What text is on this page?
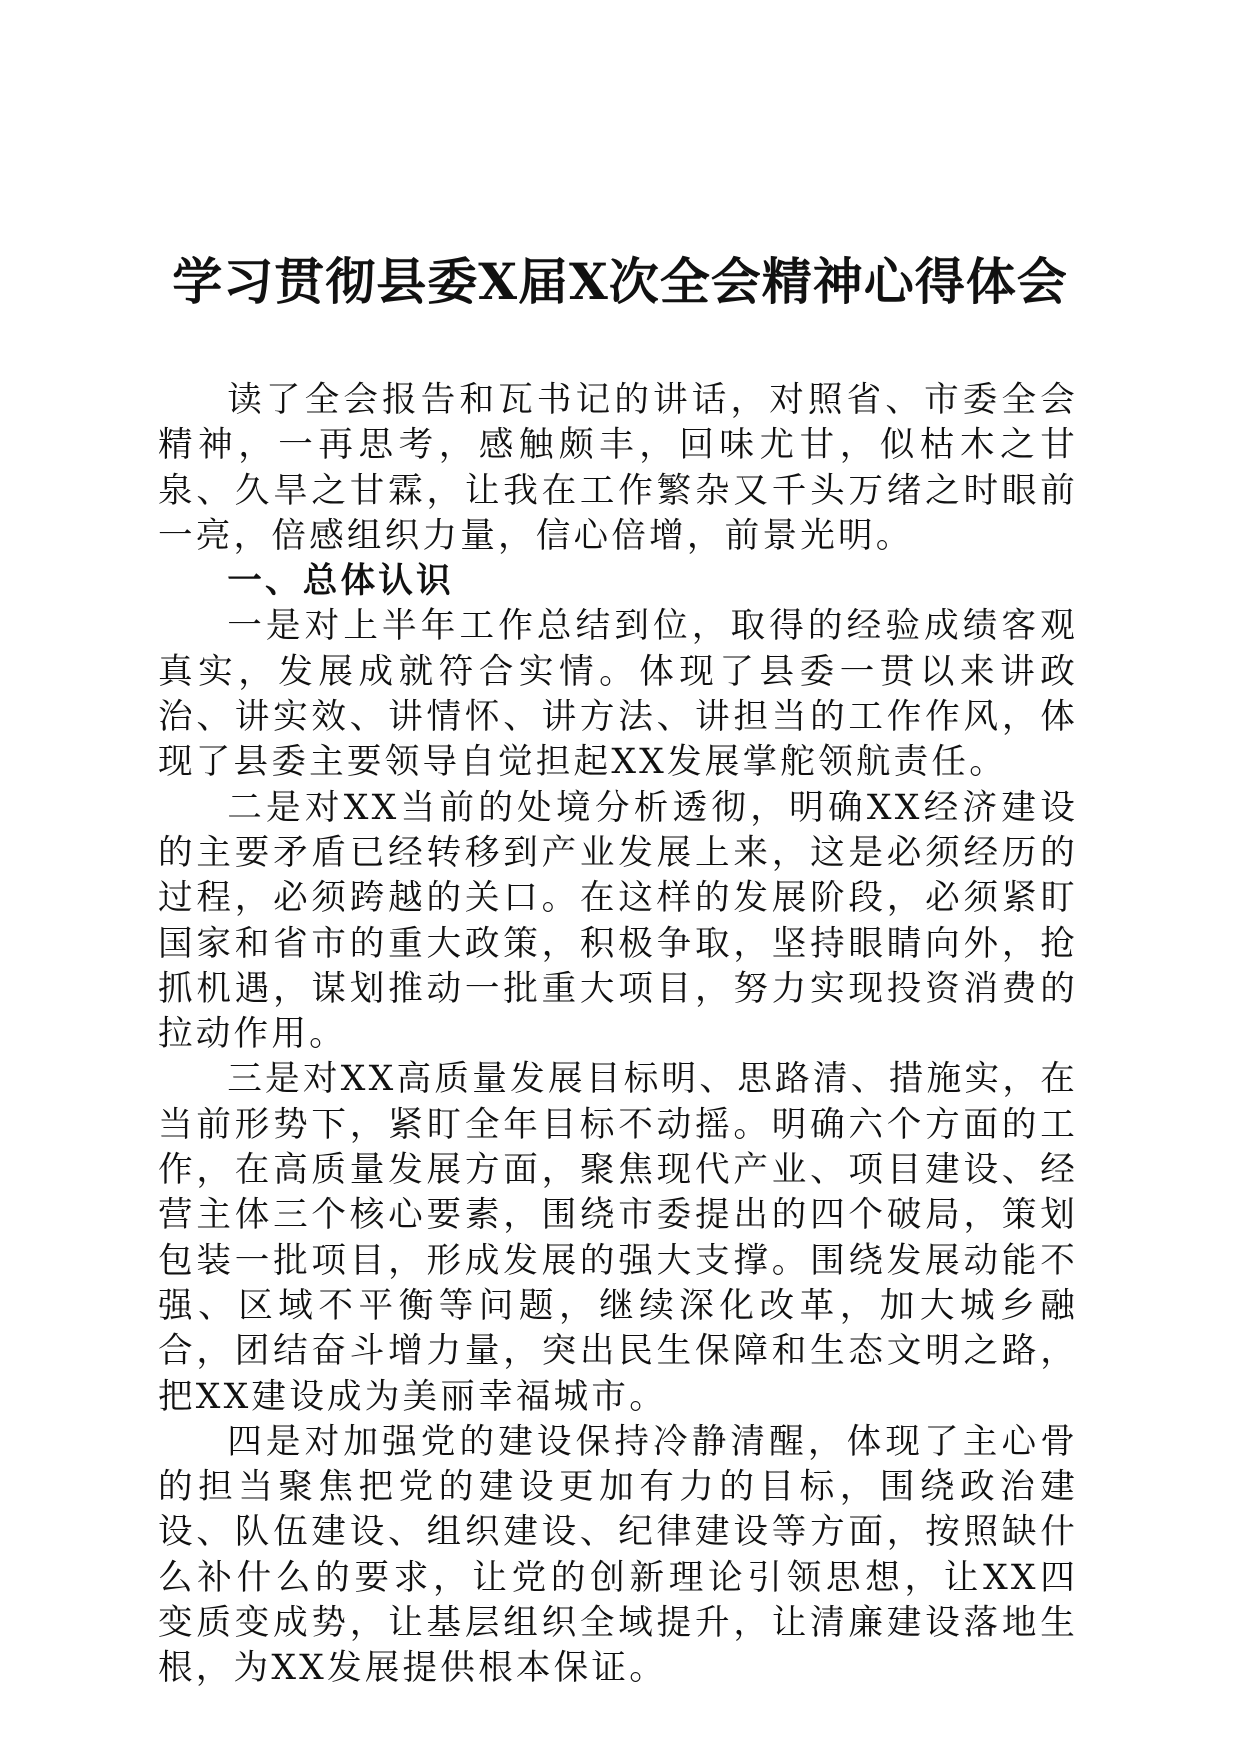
学习贯彻县委X届X次全会精神心得体会

读了全会报告和瓦书记的讲话，对照省、市委全会精神，一再思考，感触颇丰，回味尤甘，似枯木之甘泉、久旱之甘霖，让我在工作繁杂又千头万绪之时眼前一亮，倍感组织力量，信心倍增，前景光明。

一、总体认识

一是对上半年工作总结到位，取得的经验成绩客观真实，发展成就符合实情。体现了县委一贯以来讲政治、讲实效、讲情怀、讲方法、讲担当的工作作风，体现了县委主要领导自觉担起XX发展掌舵领航责任。

二是对XX当前的处境分析透彻，明确XX经济建设的主要矛盾已经转移到产业发展上来，这是必须经历的过程，必须跨越的关口。在这样的发展阶段，必须紧盯国家和省市的重大政策，积极争取，坚持眼睛向外，抢抓机遇，谋划推动一批重大项目，努力实现投资消费的拉动作用。

三是对XX高质量发展目标明、思路清、措施实，在当前形势下，紧盯全年目标不动摇。明确六个方面的工作，在高质量发展方面，聚焦现代产业、项目建设、经营主体三个核心要素，围绕市委提出的四个破局，策划包装一批项目，形成发展的强大支撑。围绕发展动能不强、区域不平衡等问题，继续深化改革，加大城乡融合，团结奋斗增力量，突出民生保障和生态文明之路，把XX建设成为美丽幸福城市。

四是对加强党的建设保持冷静清醒，体现了主心骨的担当聚焦把党的建设更加有力的目标，围绕政治建设、队伍建设、组织建设、纪律建设等方面，按照缺什么补什么的要求，让党的创新理论引领思想，让XX四变质变成势，让基层组织全域提升，让清廉建设落地生根，为XX发展提供根本保证。
